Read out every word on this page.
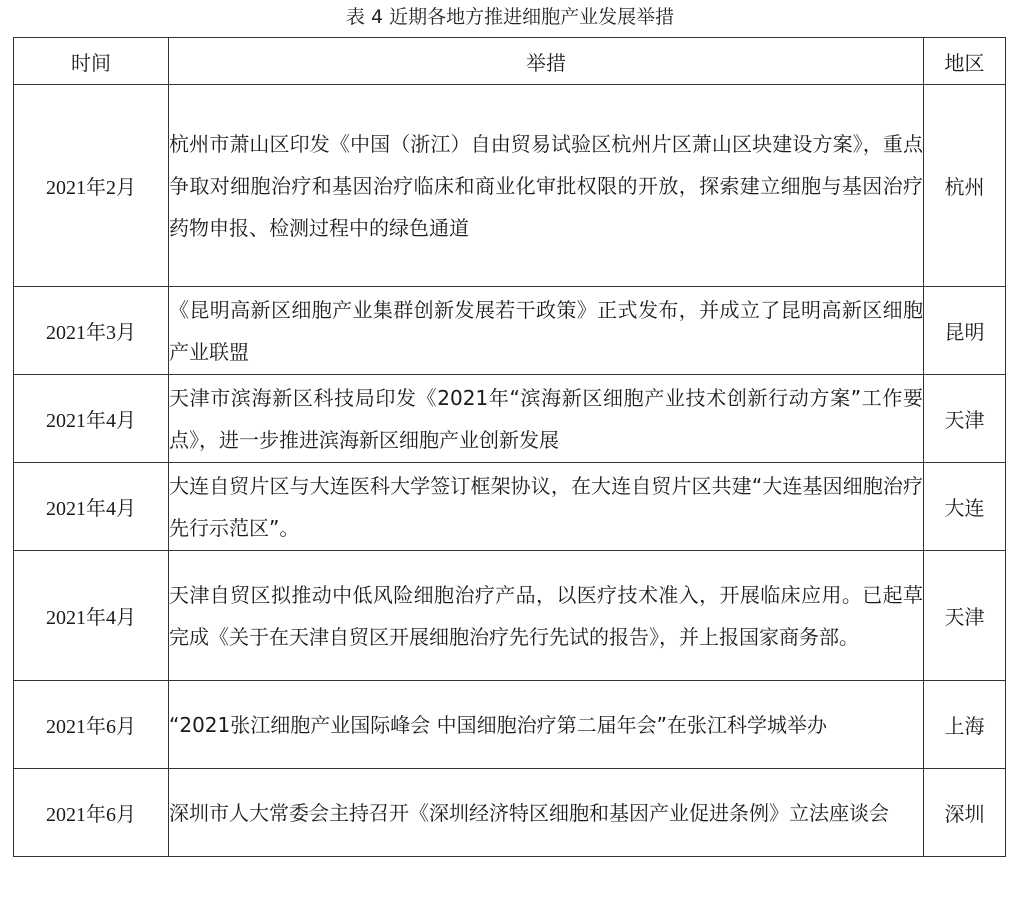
表 4 近期各地方推进细胞产业发展举措
时间	举措	地区
2021年2月	杭州市萧山区印发《中国（浙江）自由贸易试验区杭州片区萧山区块建设方案》，重点争取对细胞治疗和基因治疗临床和商业化审批权限的开放，探索建立细胞与基因治疗药物申报、检测过程中的绿色通道	杭州
2021年3月	《昆明高新区细胞产业集群创新发展若干政策》正式发布，并成立了昆明高新区细胞产业联盟	昆明
2021年4月	天津市滨海新区科技局印发《2021年“滨海新区细胞产业技术创新行动方案”工作要点》，进一步推进滨海新区细胞产业创新发展	天津
2021年4月	大连自贸片区与大连医科大学签订框架协议，在大连自贸片区共建“大连基因细胞治疗先行示范区”。	大连
2021年4月	天津自贸区拟推动中低风险细胞治疗产品，以医疗技术准入，开展临床应用。已起草完成《关于在天津自贸区开展细胞治疗先行先试的报告》，并上报国家商务部。	天津
2021年6月	“2021张江细胞产业国际峰会 中国细胞治疗第二届年会”在张江科学城举办	上海
2021年6月	深圳市人大常委会主持召开《深圳经济特区细胞和基因产业促进条例》立法座谈会	深圳
